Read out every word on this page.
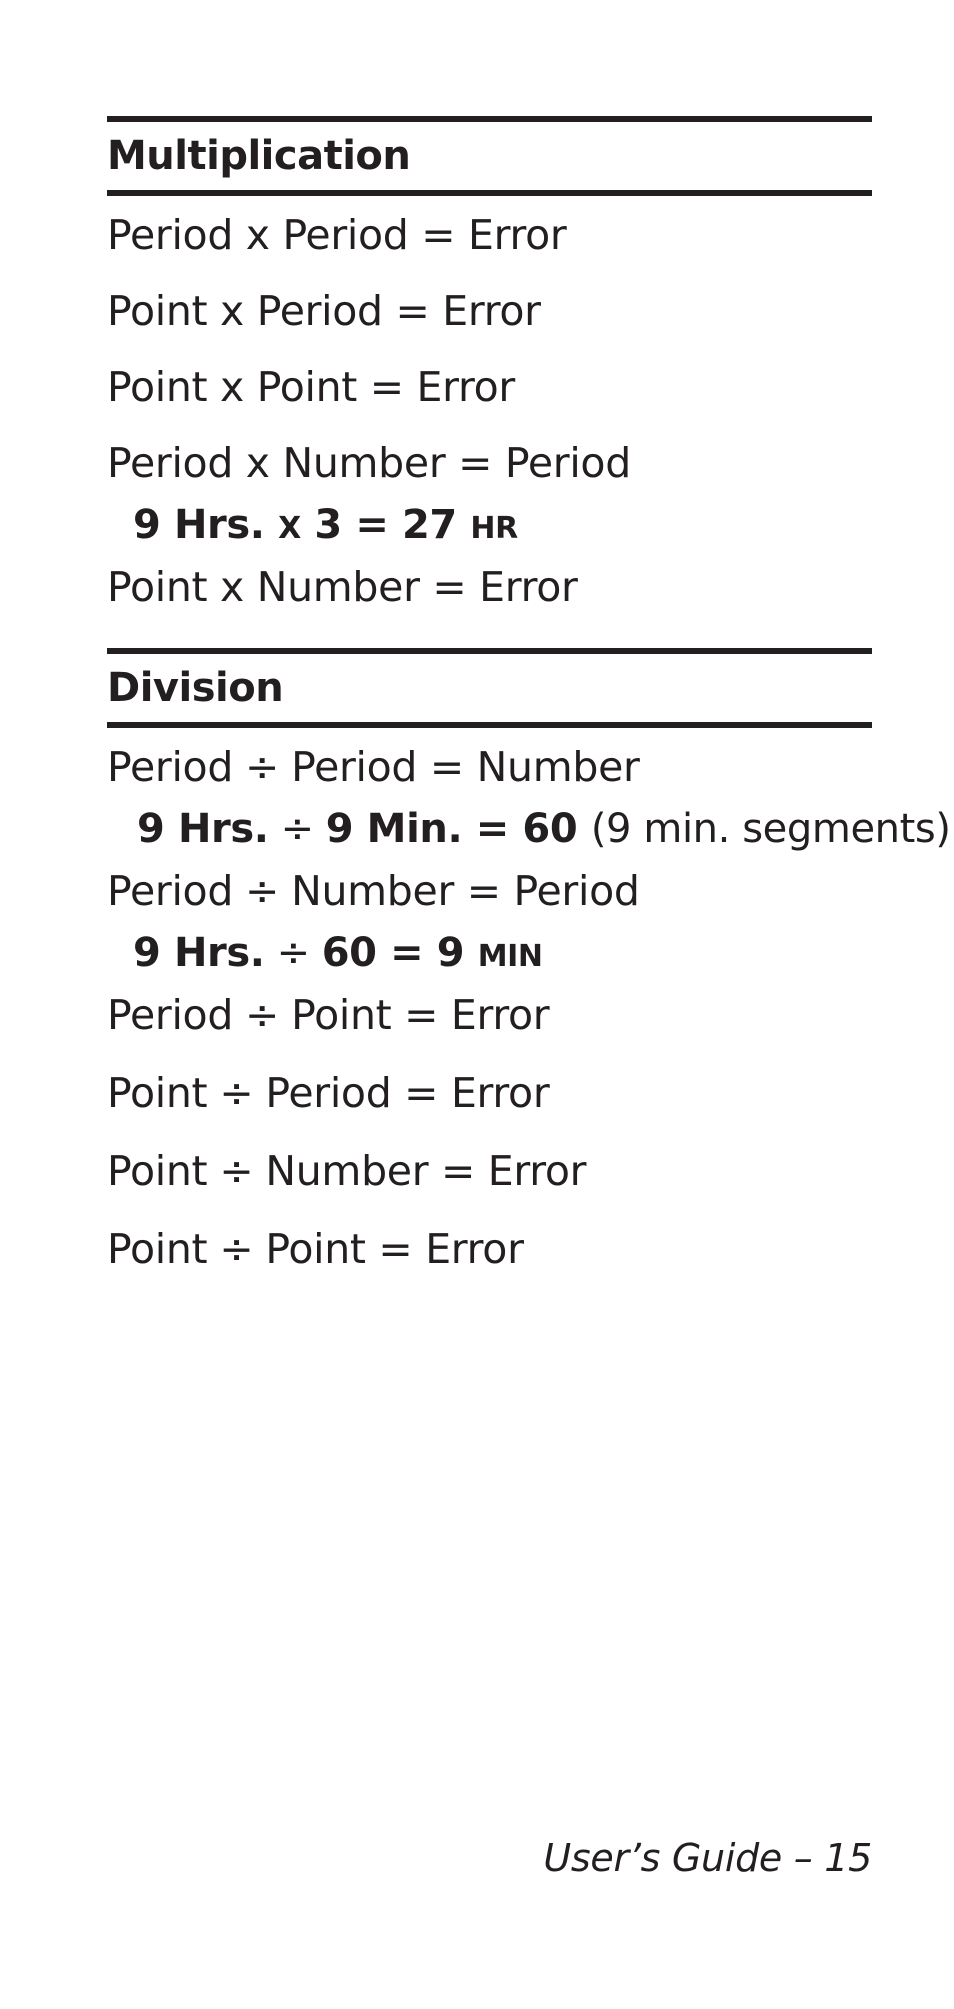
Multiplication
Period x Period = Error
Point x Period = Error
Point x Point = Error
Period x Number = Period
9 Hrs. X 3 = 27 HR
Point x Number = Error
Division
Period ÷ Period = Number
9 Hrs. ÷ 9 Min. = 60 (9 min. segments)
Period ÷ Number = Period
9 Hrs. ÷ 60 = 9 MIN
Period ÷ Point = Error
Point ÷ Period = Error
Point ÷ Number = Error
Point ÷ Point = Error
User’s Guide – 15
